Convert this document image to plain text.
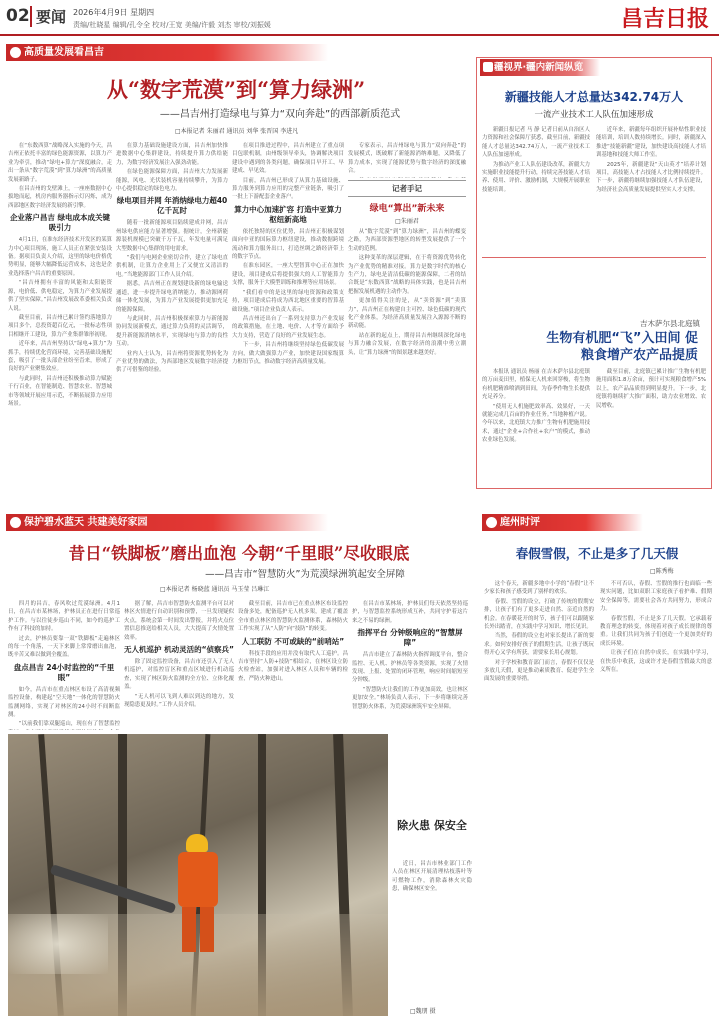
02 要闻 2026年4月9日 星期四
责编/杜晓星 编辑/孔令全 校对/王宽 美编/许毅 刘杰 审校/刘振媛	昌吉日报
高质量发展看昌吉
从“数字荒漠”到“算力绿洲”
——昌吉州打造绿电与算力“双向奔赴”的西部新质范式
□本报记者 朱丽君 通讯员 刘华 张晋国 李进凡

在“东数西算”战略深入实施的今天，昌吉州正依托丰富的绿色能源资源，以算力产业为牵引，推动“绿电+算力”深度融合，走出一条从“数字荒漠”到“算力绿洲”的高质量发展新路子。

在昌吉州的戈壁滩上，一座座数据中心拔地而起，机房内服务器指示灯闪烁，成为西部地区数字经济发展的新引擎。

企业落户昌吉 绿电成本成关键吸引力

4月1日，在准东经济技术开发区的某算力中心项目现场，施工人员正在紧张安装设备。据项目负责人介绍，这里的绿电价格优势明显，能够大幅降低运营成本，这也是企业选择落户昌吉的重要原因。

“昌吉州拥有丰富的风能和太阳能资源，电价低、供电稳定，为算力产业发展提供了坚实保障。”昌吉州发展改革委相关负责人说。

截至目前，昌吉州已累计签约落地算力项目多个，总投资超百亿元，一批标志性项目相继开工建设，算力产业集群雏形初现。

近年来，昌吉州坚持以“绿电+算力”为抓手，持续优化营商环境，完善基础设施配套，吸引了一批头部企业纷至沓来，形成了良好的产业聚集效应。

与此同时，昌吉州还积极推动算力赋能千行百业，在智能制造、智慧农业、智慧城市等领域开展应用示范，不断拓展算力应用场景。

在算力基础设施建设方面，昌吉州加快推进数据中心集群建设，持续提升算力供给能力，为数字经济发展注入强劲动能。

在绿色能源保障方面，昌吉州大力发展新能源，风电、光伏装机容量持续攀升，为算力中心提供稳定的绿色电力。

绿电项目并网 年消纳绿电力超40亿千瓦时

随着一批新能源项目陆续建成并网，昌吉州绿电供应能力显著增强。据统计，全州新能源装机规模已突破千万千瓦，年发电量可满足大型数据中心集群的用电需求。

“我们与电网企业密切合作，建立了绿电直供机制，让算力企业用上了又便宜又清洁的电。”当地能源部门工作人员介绍。

据悉，昌吉州正在规划建设新的绿电输送通道，进一步提升绿电消纳能力，推动源网荷储一体化发展，为算力产业发展提供更加充足的能源保障。

与此同时，昌吉州积极探索算力与新能源协同发展新模式，通过算力负荷的灵活调节，提升新能源消纳水平，实现绿电与算力的良性互动。

业内人士认为，昌吉州将资源优势转化为产业优势的做法，为西部地区发展数字经济提供了可借鉴的经验。

在项目推进过程中，昌吉州建立了重点项目包联机制，由州级领导牵头，协调解决项目建设中遇到的各类问题，确保项目早开工、早建成、早见效。

目前，昌吉州已形成了从算力基础设施、算力服务到算力应用的完整产业链条，吸引了一批上下游配套企业落户。

算力中心加速扩容 打造中亚算力枢纽新高地

依托独特的区位优势，昌吉州正积极谋划面向中亚的国际算力枢纽建设，推动数据跨境流动和算力服务出口，打造丝绸之路经济带上的数字节点。

在准东园区，一座大型智算中心正在加快建设，项目建成后将提供强大的人工智能算力支撑，服务于大模型训练和推理等应用场景。

“我们看中的是这里的绿电资源和政策支持，项目建成后将成为西北地区重要的智算基础设施。”项目企业负责人表示。

昌吉州还出台了一系列支持算力产业发展的政策措施，在土地、电价、人才等方面给予大力支持，营造了良好的产业发展生态。

下一步，昌吉州将继续坚持绿色低碳发展方向，做大做强算力产业，加快建设国家级算力枢纽节点，推动数字经济高质量发展。

专家表示，昌吉州绿电与算力“双向奔赴”的发展模式，既破解了新能源消纳难题，又降低了算力成本，实现了能源优势与数字经济的深度融合。

记者手记
绿电“算出”新未来
□朱丽君

从“数字荒漠”到“算力绿洲”，昌吉州的蝶变之路，为西部资源型地区的转型发展提供了一个生动的范例。

这种变革的深层逻辑，在于将资源优势转化为产业优势的精准对接。算力是数字时代的核心生产力，绿电是清洁低碳的能源保障，二者的结合既是“东数西算”战略的具体实践，也是昌吉州把握发展机遇的主动作为。

更加值得关注的是，从“卖资源”到“卖算力”，昌吉州正在构建自主可控、绿色低碳的现代化产业体系，为经济高质量发展注入源源不断的新动能。

站在新的起点上，期待昌吉州继续深化绿电与算力融合发展，在数字经济的浪潮中勇立潮头，让“算力绿洲”的图景越来越美好。

疆视界·疆内新闻纵览
新疆技能人才总量达342.74万人
一流产业技术工人队伍加速形成

新疆日报记者 马 静 记者日前从自治区人力资源和社会保障厅获悉，截至目前，新疆技能人才总量达342.74万人，一流产业技术工人队伍加速形成。

为推动产业工人队伍建设改革，新疆大力实施职业技能提升行动，持续完善技能人才培养、使用、评价、激励机制，大规模开展职业技能培训。

近年来，新疆每年组织开展补贴性职业技能培训，培训人数持续增长。同时，新疆深入推进“技能新疆”建设，加快建设高技能人才培训基地和技能大师工作室。

2025年，新疆建设“天山英才”培养计划项目，高技能人才占技能人才比例持续提升。下一步，新疆将继续加强技能人才队伍建设，为经济社会高质量发展提供坚实人才支撑。

吉木萨尔县北庭镇
生物有机肥“飞”入田间 促粮食增产农产品提质

本报讯 通讯员 杨丽 在吉木萨尔县北庭镇的万亩麦田里，植保无人机来回穿梭，将生物有机肥精准喷洒到田间，为春季作物生长提供充足养分。

“使用无人机施肥效率高、效果好，一天就能完成几百亩的作业任务。”当地种植户说。今年以来，北庭镇大力推广生物有机肥施用技术，通过“企业+合作社+农户”的模式，推动农业绿色发展。

截至目前，北庭镇已累计推广生物有机肥施用面积1.8万余亩，预计可实现粮食增产5%以上，农产品品质得到明显提升。下一步，北庭镇将继续扩大推广面积，助力农业增效、农民增收。

保护碧水蓝天 共建美好家园	庭州时评
昔日“铁脚板”磨出血泡 今朝“千里眼”尽收眼底
——昌吉市“智慧防火”为荒漠绿洲筑起安全屏障
□本报记者 杨晓蓝 通讯员 马玉莹 吕琳江

四月的昌吉，春风吹过荒漠绿洲。4月1日，在昌吉市某林场，护林员正在进行日常巡护工作。与以往徒步巡山不同，如今的巡护工作有了科技的加持。

过去，护林员要靠一双“铁脚板”走遍林区的每一个角落，一天下来脚上常常磨出血泡，既辛苦又难以做到全覆盖。

盘点昌吉 24小时监控的“千里眼”

如今，昌吉市在重点林区布设了高清视频监控设备，构建起“空天地”一体化的智慧防火监测网络，实现了对林区的24小时不间断监测。

“以前我们靠双腿巡山，现在有了智慧监控

据了解，昌吉市智慧防火监测平台可以对林区火情进行自动识别和预警，一旦发现疑似火点，系统会第一时间发出警报，并将火点位置信息推送给相关人员，大大提高了火情处置效率。

无人机巡护 机动灵活的“侦察兵”

除了固定监控设备，昌吉市还引入了无人机巡护，对监控盲区和重点区域进行机动巡查，实现了林区防火监测的全方位、立体化覆盖。

“无人机可以飞到人难以到达的地方，发现隐患更及时。”工作人员介绍。

截至目前，昌吉市已在重点林区布设监控设备多处，配备巡护无人机多架，建成了覆盖全市重点林区的智慧防火监测体系，森林防火工作实现了从“人防”向“技防”的转变。

人工联防 不可或缺的“前哨站”

科技手段的应用并没有取代人工巡护。昌吉市坚持“人防+技防”相结合，在林区设立防火检查站，加强对进入林区人员和车辆的检查，严防火种进山。

在昌吉市某林场，护林员们每天依然坚持巡护，与智慧监控系统形成互补，共同守护着这片来之不易的绿洲。

指挥平台 分钟级响应的“智慧屏障”

昌吉市建立了森林防火指挥调度平台，整合监控、无人机、护林员等各类资源，实现了火情发现、上报、处置的闭环管理，响应时间缩短至分钟级。

“智慧防火让我们的工作更加高效，也让林区更加安全。”林场负责人表示，下一步将继续完善智慧防火体系，为荒漠绿洲筑牢安全屏障。

除火患 保安全

近日，昌吉市林业部门工作人员在林区开展清理枯枝落叶等可燃物工作，消除森林火灾隐患，确保林区安全。

□魏朋 摄
春假雪假，不止是多了几天假
□陈秀梅

这个春天，新疆多地中小学的“春假”让不少家长和孩子感受到了别样的欢乐。

春假、雪假的设立，打破了传统的假期安排，让孩子们有了更多走进自然、亲近自然的机会。在春暖花开的时节，孩子们可以跟随家长外出踏青，在实践中学习知识、增长见识。

当然，春假的设立也对家长提出了新的要求。如何安排好孩子的假期生活，让孩子既玩得开心又学有所获，需要家长用心规划。

对于学校和教育部门而言，春假不仅仅是多放几天假，更是推动素质教育、促进学生全面发展的重要举措。

不可否认，春假、雪假的推行也面临一些现实问题，比如双职工家庭孩子看护难、假期安全保障等，需要社会各方共同努力，形成合力。

春假雪假，不止是多了几天假。它承载着教育理念的转变，体现着对孩子成长规律的尊重。让我们共同为孩子们创造一个更加美好的成长环境。

让孩子们在自然中成长，在实践中学习，在快乐中收获，这或许才是春假雪假最大的意义所在。
